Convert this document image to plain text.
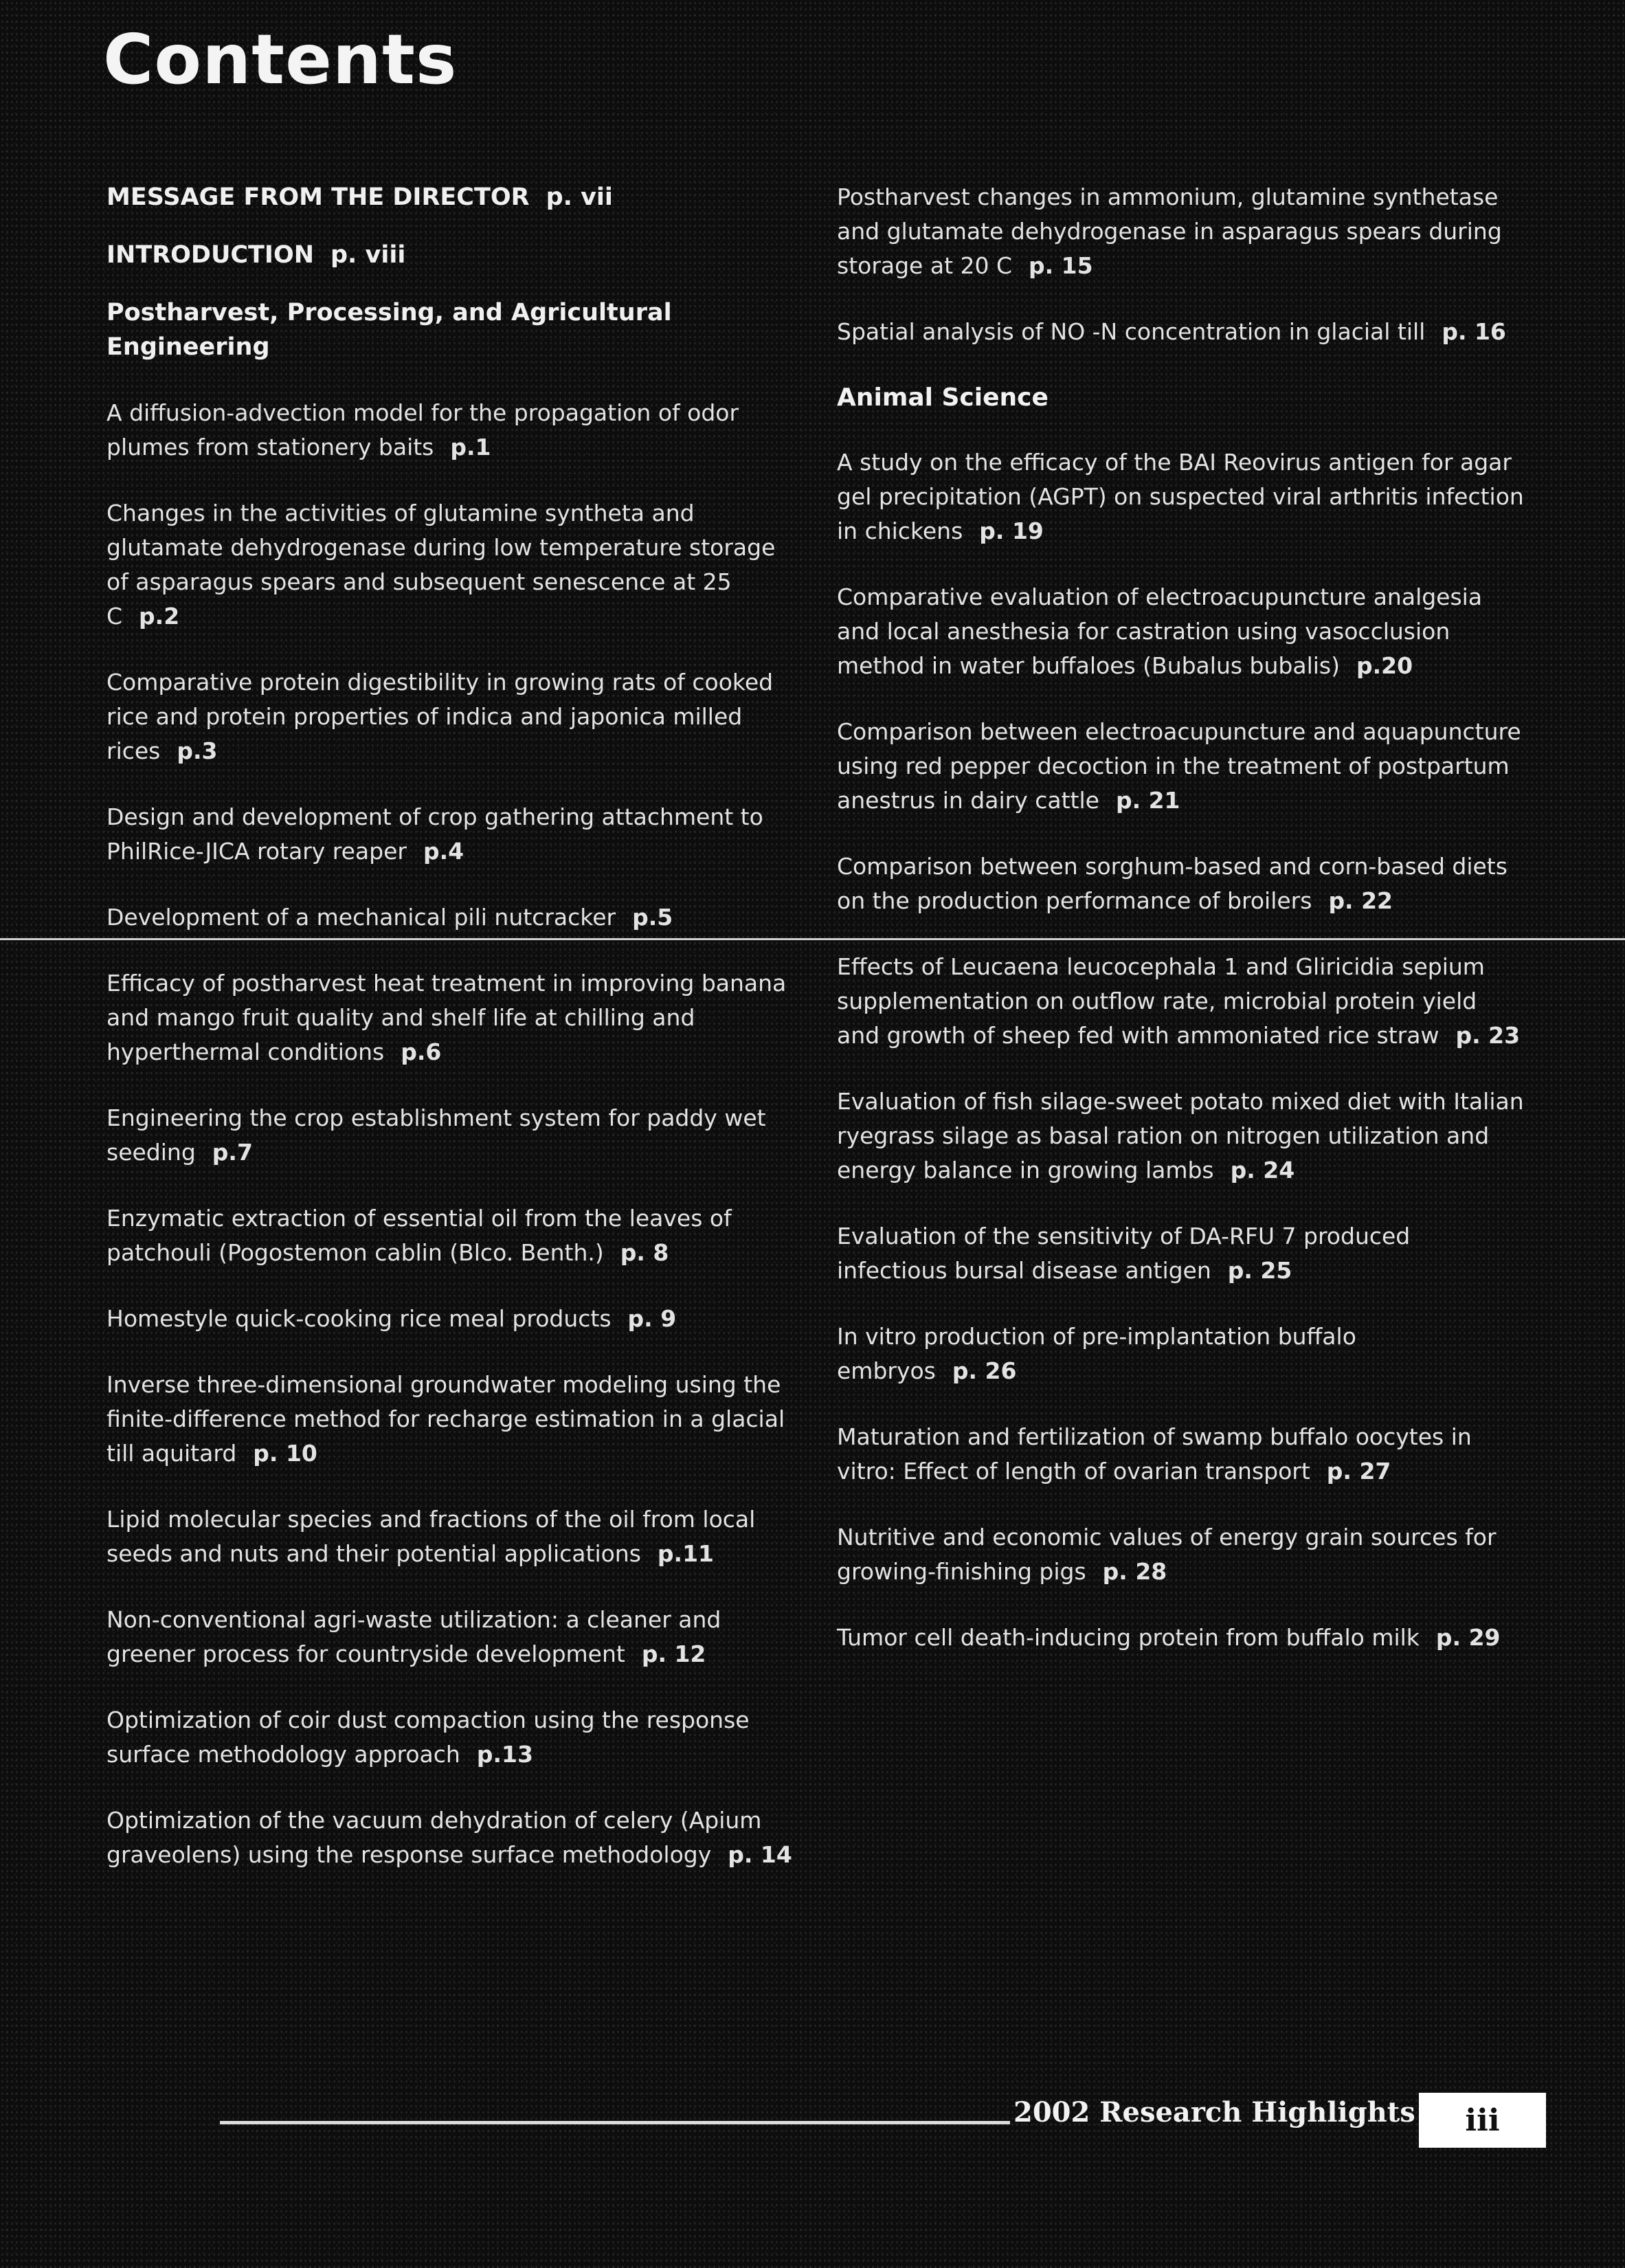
Contents
MESSAGE FROM THE DIRECTOR p. vii
INTRODUCTION p. viii
Postharvest, Processing, and Agricultural Engineering
A diffusion-advection model for the propagation of odor plumes from stationery baits p.1
Changes in the activities of glutamine syntheta and glutamate dehydrogenase during low temperature storage of asparagus spears and subsequent senescence at 25 C p.2
Comparative protein digestibility in growing rats of cooked rice and protein properties of indica and japonica milled rices p.3
Design and development of crop gathering attachment to PhilRice-JICA rotary reaper p.4
Development of a mechanical pili nutcracker p.5
Efficacy of postharvest heat treatment in improving banana and mango fruit quality and shelf life at chilling and hyperthermal conditions p.6
Engineering the crop establishment system for paddy wet seeding p.7
Enzymatic extraction of essential oil from the leaves of patchouli (Pogostemon cablin (Blco. Benth.) p. 8
Homestyle quick-cooking rice meal products p. 9
Inverse three-dimensional groundwater modeling using the finite-difference method for recharge estimation in a glacial till aquitard p. 10
Lipid molecular species and fractions of the oil from local seeds and nuts and their potential applications p.11
Non-conventional agri-waste utilization: a cleaner and greener process for countryside development p. 12
Optimization of coir dust compaction using the response surface methodology approach p.13
Optimization of the vacuum dehydration of celery (Apium graveolens) using the response surface methodology p. 14
Postharvest changes in ammonium, glutamine synthetase and glutamate dehydrogenase in asparagus spears during storage at 20 C p. 15
Spatial analysis of NO -N concentration in glacial till p. 16
Animal Science
A study on the efficacy of the BAI Reovirus antigen for agar gel precipitation (AGPT) on suspected viral arthritis infection in chickens p. 19
Comparative evaluation of electroacupuncture analgesia and local anesthesia for castration using vasocclusion method in water buffaloes (Bubalus bubalis) p.20
Comparison between electroacupuncture and aquapuncture using red pepper decoction in the treatment of postpartum anestrus in dairy cattle p. 21
Comparison between sorghum-based and corn-based diets on the production performance of broilers p. 22
Effects of Leucaena leucocephala 1 and Gliricidia sepium supplementation on outflow rate, microbial protein yield and growth of sheep fed with ammoniated rice straw p. 23
Evaluation of fish silage-sweet potato mixed diet with Italian ryegrass silage as basal ration on nitrogen utilization and energy balance in growing lambs p. 24
Evaluation of the sensitivity of DA-RFU 7 produced infectious bursal disease antigen p. 25
In vitro production of pre-implantation buffalo embryos p. 26
Maturation and fertilization of swamp buffalo oocytes in vitro: Effect of length of ovarian transport p. 27
Nutritive and economic values of energy grain sources for growing-finishing pigs p. 28
Tumor cell death-inducing protein from buffalo milk p. 29

2002 Research Highlights iii
